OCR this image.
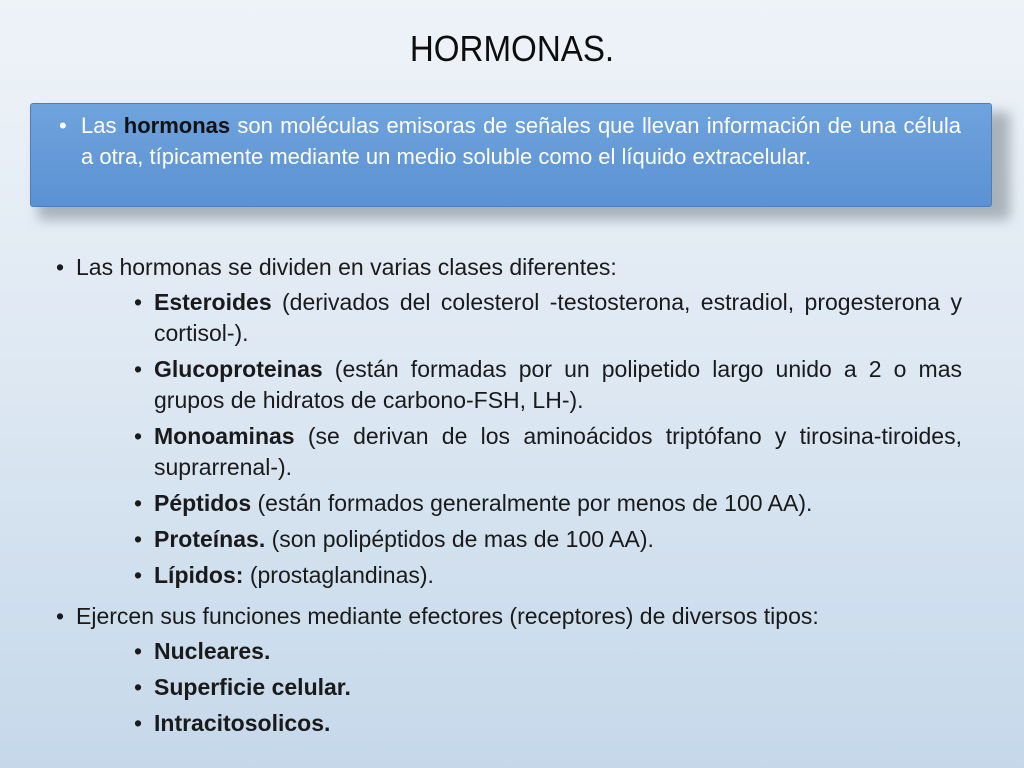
HORMONAS.
• Las hormonas son moléculas emisoras de señales que llevan información de una célula a otra, típicamente mediante un medio soluble como el líquido extracelular.
• Las hormonas se dividen en varias clases diferentes:
• Esteroides (derivados del colesterol -testosterona, estradiol, progesterona y cortisol-).
• Glucoproteinas (están formadas por un polipetido largo unido a 2 o mas grupos de hidratos de carbono-FSH, LH-).
• Monoaminas (se derivan de los aminoácidos triptófano y tirosina-tiroides, suprarrenal-).
• Péptidos (están formados generalmente por menos de 100 AA).
• Proteínas. (son polipéptidos de mas de 100 AA).
• Lípidos: (prostaglandinas).
• Ejercen sus funciones mediante efectores (receptores) de diversos tipos:
• Nucleares.
• Superficie celular.
• Intracitosolicos.
